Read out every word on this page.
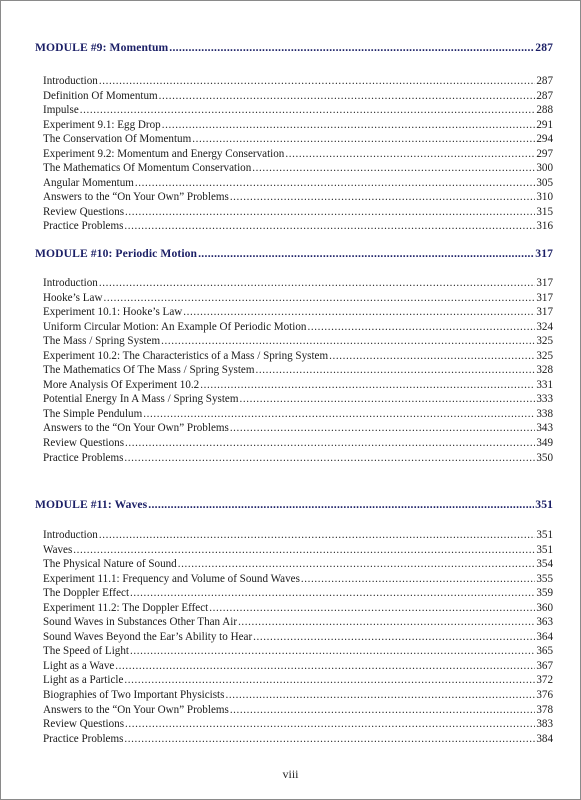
MODULE #9: Momentum .....	287
Introduction .....	287
Definition Of Momentum .....	287
Impulse .....	288
Experiment 9.1: Egg Drop .....	291
The Conservation Of Momentum .....	294
Experiment 9.2: Momentum and Energy Conservation .....	297
The Mathematics Of Momentum Conservation .....	300
Angular Momentum .....	305
Answers to the “On Your Own” Problems .....	310
Review Questions .....	315
Practice Problems .....	316
MODULE #10: Periodic Motion .....	317
Introduction .....	317
Hooke’s Law .....	317
Experiment 10.1: Hooke’s Law .....	317
Uniform Circular Motion: An Example Of Periodic Motion .....	324
The Mass / Spring System .....	325
Experiment 10.2: The Characteristics of a Mass / Spring System .....	325
The Mathematics Of The Mass / Spring System .....	328
More Analysis Of Experiment 10.2 .....	331
Potential Energy In A Mass / Spring System .....	333
The Simple Pendulum .....	338
Answers to the “On Your Own” Problems .....	343
Review Questions .....	349
Practice Problems .....	350
MODULE #11: Waves .....	351
Introduction .....	351
Waves .....	351
The Physical Nature of Sound .....	354
Experiment 11.1: Frequency and Volume of Sound Waves .....	355
The Doppler Effect .....	359
Experiment 11.2: The Doppler Effect .....	360
Sound Waves in Substances Other Than Air .....	363
Sound Waves Beyond the Ear’s Ability to Hear .....	364
The Speed of Light .....	365
Light as a Wave .....	367
Light as a Particle .....	372
Biographies of Two Important Physicists .....	376
Answers to the “On Your Own” Problems .....	378
Review Questions .....	383
Practice Problems .....	384
viii
